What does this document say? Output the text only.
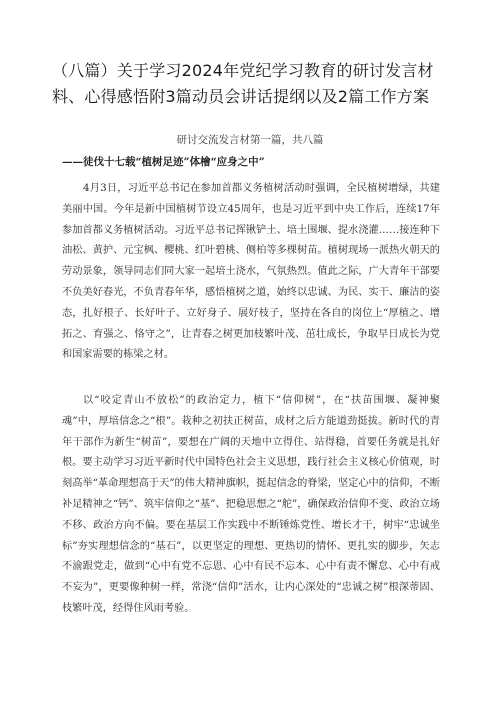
（八篇）关于学习2024年党纪学习教育的研讨发言材料、心得感悟附3篇动员会讲话提纲以及2篇工作方案
研讨交流发言材第一篇，共八篇
——徒伐十七载“植树足迹”体檜“应身之中”

4月3日，习近平总书记在参加首都义务植树活动时强调，全民植树增绿，共建美丽中国。今年是新中国植树节设立45周年，也是习近平到中央工作后，连续17年参加首都义务植树活动。习近平总书记挥锹铲土、培土围堰、提水浇灌……接连种下油松、黄护、元宝枫、樱桃、红叶碧桃、侧柏等多棵树苗。植树现场一派热火朝天的劳动景象，领导同志们同大家一起培土浇水，气氛热烈。值此之际，广大青年干部要不负美好春光，不负青春年华，感悟植树之道，始终以忠诚、为民、实干、廉洁的姿态，扎好根子、长好叶子、立好身子、展好枝子，坚持在各自的岗位上“厚植之、增拓之、育强之、恪守之”，让青春之树更加枝繁叶茂、茁壮成长，争取早日成长为党和国家需要的栋梁之材。

以“咬定青山不放松”的政治定力，植下“信仰树”，在“扶苗围堰、凝神聚魂”中，厚培信念之“根”。栽种之初扶正树苗，成材之后方能道劲挺拔。新时代的青年干部作为新生“树苗”，要想在广阔的天地中立得住、站得稳，首要任务就是扎好根。要主动学习习近平新时代中国特色社会主义思想，践行社会主义核心价值观，时刻高举“革命理想高于天”的伟大精神旗帜，挺起信念的脊梁，坚定心中的信仰，不断补足精神之“钙”、筑牢信仰之“基”、把稳思想之“舵”，确保政治信仰不变、政治立场不移、政治方向不偏。要在基层工作实践中不断锤炼党性、增长才干，树牢“忠诚坐标”夯实理想信念的“基石”，以更坚定的理想、更热切的情怀、更扎实的脚步，矢志不渝跟党走，做到“心中有党不忘恩、心中有民不忘本、心中有责不懈怠、心中有戒不妄为”，更要像种树一样，常浇“信仰”活水，让内心深处的“忠诚之树”根深蒂固、枝繁叶茂，经得住风雨考验。
